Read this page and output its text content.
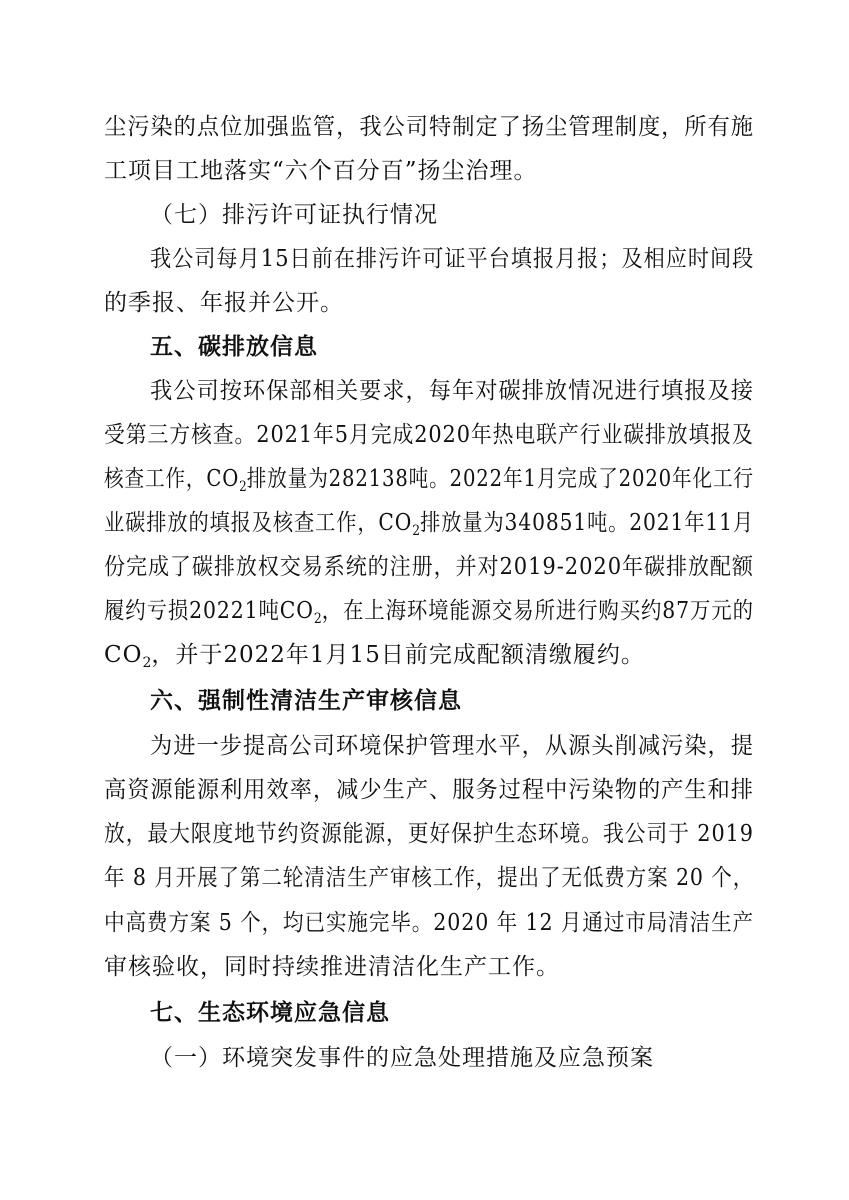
尘污染的点位加强监管，我公司特制定了扬尘管理制度，所有施
工项目工地落实“六个百分百”扬尘治理。
（七）排污许可证执行情况
我公司每月15日前在排污许可证平台填报月报；及相应时间段
的季报、年报并公开。
五、碳排放信息
我公司按环保部相关要求，每年对碳排放情况进行填报及接
受第三方核查。2021年5月完成2020年热电联产行业碳排放填报及
核查工作，$CO_2$排放量为282138吨。2022年1月完成了2020年化工行
业碳排放的填报及核查工作，$CO_2$排放量为340851吨。2021年11月
份完成了碳排放权交易系统的注册，并对2019-2020年碳排放配额
履约亏损20221吨$CO_2$，在上海环境能源交易所进行购买约87万元的
$CO_2$，并于2022年1月15日前完成配额清缴履约。
六、强制性清洁生产审核信息
为进一步提高公司环境保护管理水平，从源头削减污染，提
高资源能源利用效率，减少生产、服务过程中污染物的产生和排
放，最大限度地节约资源能源，更好保护生态环境。我公司于 2019
年 8 月开展了第二轮清洁生产审核工作，提出了无低费方案 20 个，
中高费方案 5 个，均已实施完毕。2020 年 12 月通过市局清洁生产
审核验收，同时持续推进清洁化生产工作。
七、生态环境应急信息
（一）环境突发事件的应急处理措施及应急预案
